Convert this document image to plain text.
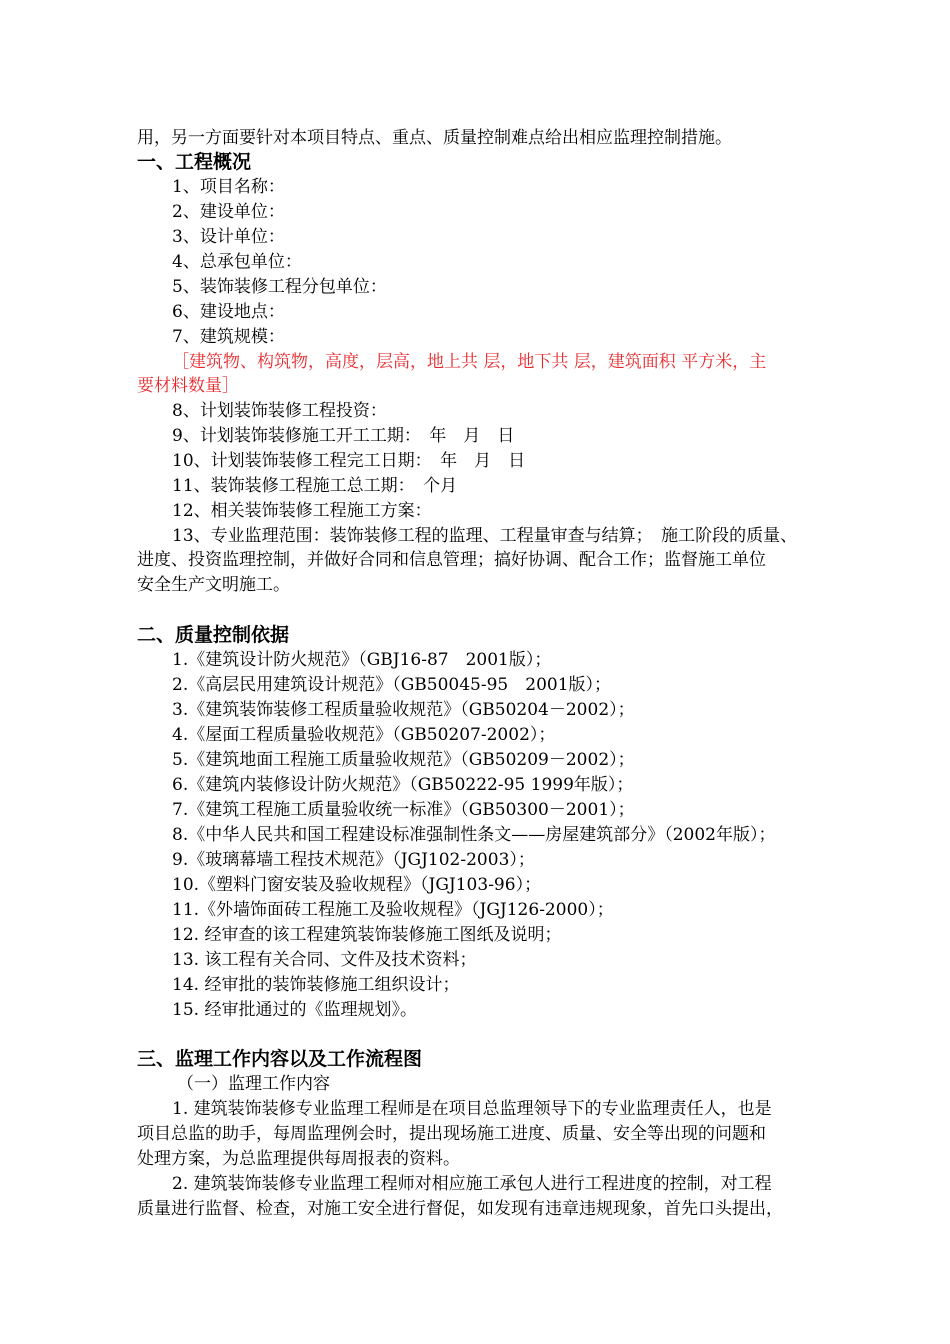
用，另一方面要针对本项目特点、重点、质量控制难点给出相应监理控制措施。
一、工程概况
1、项目名称：
2、建设单位：
3、设计单位：
4、总承包单位：
5、装饰装修工程分包单位：
6、建设地点：
7、建筑规模：
［建筑物、构筑物，高度，层高，地上共 层，地下共 层，建筑面积 平方米，主
要材料数量］
8、计划装饰装修工程投资：
9、计划装饰装修施工开工工期：　年　月　日
10、计划装饰装修工程完工日期：　年　月　日
11、装饰装修工程施工总工期：　个月
12、相关装饰装修工程施工方案：
13、专业监理范围：装饰装修工程的监理、工程量审查与结算；　施工阶段的质量、
进度、投资监理控制，并做好合同和信息管理；搞好协调、配合工作；监督施工单位
安全生产文明施工。
二、质量控制依据
1.《建筑设计防火规范》（GBJ16-87　2001版）；
2.《高层民用建筑设计规范》（GB50045-95　2001版）；
3.《建筑装饰装修工程质量验收规范》（GB50204－2002）；
4.《屋面工程质量验收规范》（GB50207-2002）；
5.《建筑地面工程施工质量验收规范》（GB50209－2002）；
6.《建筑内装修设计防火规范》（GB50222-95 1999年版）；
7.《建筑工程施工质量验收统一标准》（GB50300－2001）；
8.《中华人民共和国工程建设标准强制性条文——房屋建筑部分》（2002年版）；
9.《玻璃幕墙工程技术规范》（JGJ102-2003）；
10.《塑料门窗安装及验收规程》（JGJ103-96）；
11.《外墙饰面砖工程施工及验收规程》（JGJ126-2000）；
12. 经审查的该工程建筑装饰装修施工图纸及说明；
13. 该工程有关合同、文件及技术资料；
14. 经审批的装饰装修施工组织设计；
15. 经审批通过的《监理规划》。
三、监理工作内容以及工作流程图
（一）监理工作内容
1. 建筑装饰装修专业监理工程师是在项目总监理领导下的专业监理责任人，也是
项目总监的助手，每周监理例会时，提出现场施工进度、质量、安全等出现的问题和
处理方案，为总监理提供每周报表的资料。
2. 建筑装饰装修专业监理工程师对相应施工承包人进行工程进度的控制，对工程
质量进行监督、检查，对施工安全进行督促，如发现有违章违规现象，首先口头提出，
